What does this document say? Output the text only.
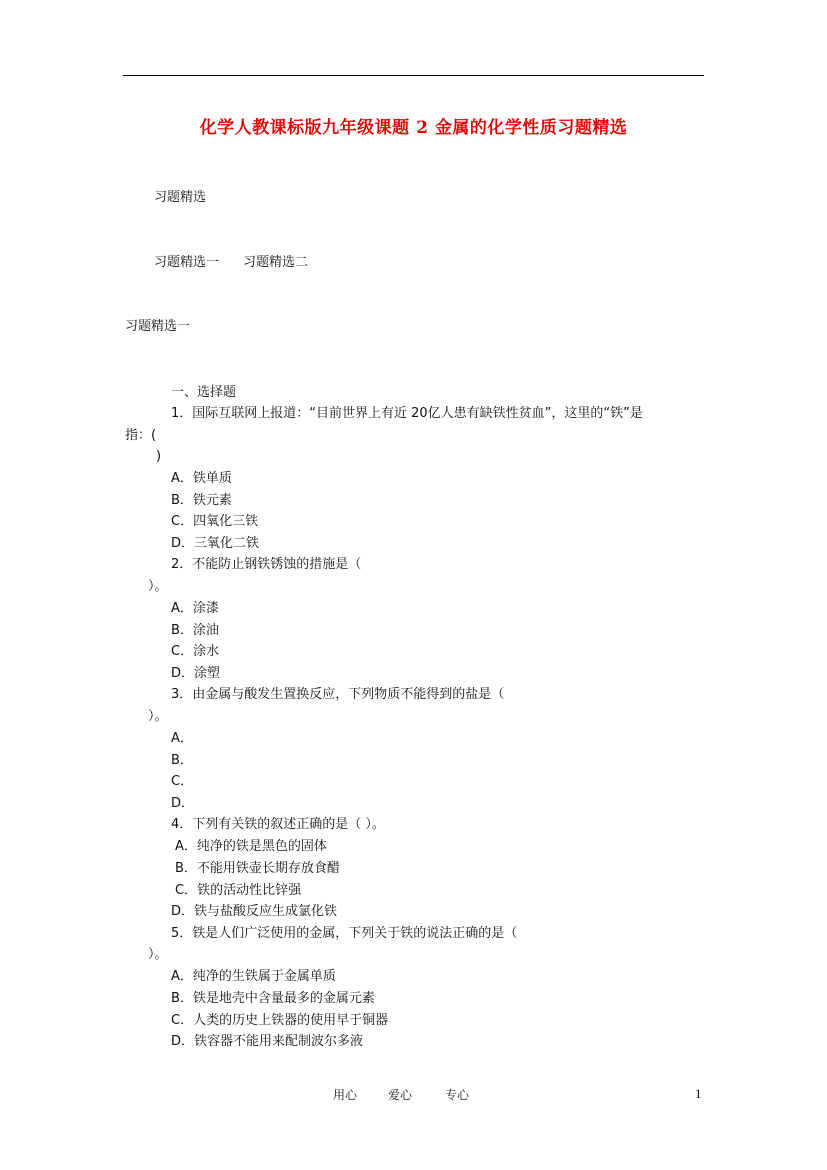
化学人教课标版九年级课题 2 金属的化学性质习题精选
习题精选
习题精选一 习题精选二
习题精选一
一、选择题
1．国际互联网上报道：“目前世界上有近 20亿人患有缺铁性贫血”，这里的“铁”是
指：(
)
A．铁单质
B．铁元素
C．四氧化三铁
D．三氧化二铁
2．不能防止钢铁锈蚀的措施是（
）。
A．涂漆
B．涂油
C．涂水
D．涂塑
3．由金属与酸发生置换反应，下列物质不能得到的盐是（
）。
A．
B．
C．
D．
4．下列有关铁的叙述正确的是（ ）。
A．纯净的铁是黑色的固体
B．不能用铁壶长期存放食醋
C．铁的活动性比锌强
D．铁与盐酸反应生成氯化铁
5．铁是人们广泛使用的金属，下列关于铁的说法正确的是（
）。
A．纯净的生铁属于金属单质
B．铁是地壳中含量最多的金属元素
C．人类的历史上铁器的使用早于铜器
D．铁容器不能用来配制波尔多液
用心	爱心	专心	1
